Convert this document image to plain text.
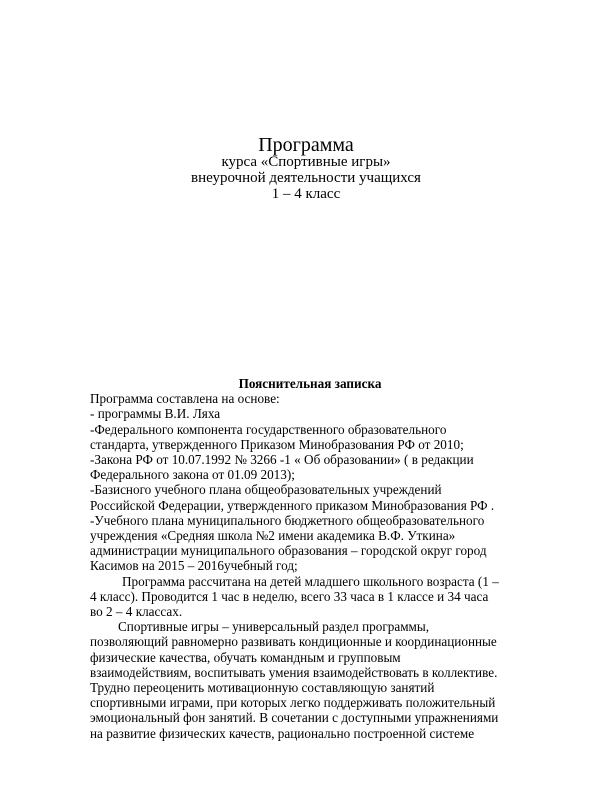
Программа
курса «Спортивные игры»
внеурочной деятельности учащихся
1 – 4 класс
Пояснительная записка
Программа составлена на основе:
- программы В.И. Ляха
-Федерального компонента государственного образовательного
стандарта, утвержденного Приказом Минобразования РФ от 2010;
-Закона РФ от 10.07.1992 № 3266 -1 « Об образовании» ( в редакции
Федерального закона от 01.09 2013);
-Базисного учебного плана общеобразовательных учреждений
Российской Федерации, утвержденного приказом Минобразования РФ .
-Учебного плана муниципального бюджетного общеобразовательного
учреждения «Средняя школа №2 имени академика В.Ф. Уткина»
администрации муниципального образования – городской округ город
Касимов на 2015 – 2016учебный год;
Программа рассчитана на детей младшего школьного возраста (1 –
4 класс). Проводится 1 час в неделю, всего 33 часа в 1 классе и 34 часа
во 2 – 4 классах.
Спортивные игры – универсальный раздел программы,
позволяющий равномерно развивать кондиционные и координационные
физические качества, обучать командным и групповым
взаимодействиям, воспитывать умения взаимодействовать в коллективе.
Трудно переоценить мотивационную составляющую занятий
спортивными играми, при которых легко поддерживать положительный
эмоциональный фон занятий. В сочетании с доступными упражнениями
на развитие физических качеств, рационально построенной системе
